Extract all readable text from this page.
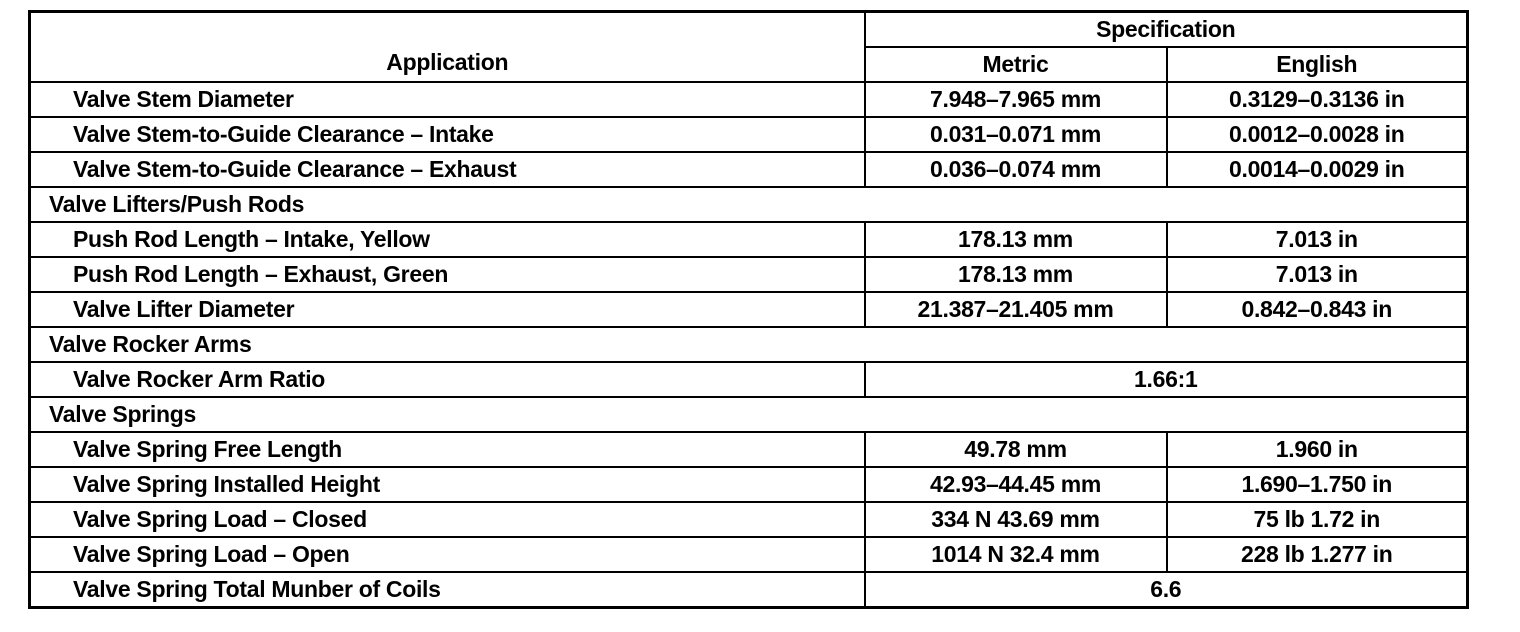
Application	Specification	
	Metric	English
Valve Stem Diameter	7.948–7.965 mm	0.3129–0.3136 in
Valve Stem-to-Guide Clearance – Intake	0.031–0.071 mm	0.0012–0.0028 in
Valve Stem-to-Guide Clearance – Exhaust	0.036–0.074 mm	0.0014–0.0029 in
Valve Lifters/Push Rods		
Push Rod Length – Intake, Yellow	178.13 mm	7.013 in
Push Rod Length – Exhaust, Green	178.13 mm	7.013 in
Valve Lifter Diameter	21.387–21.405 mm	0.842–0.843 in
Valve Rocker Arms		
Valve Rocker Arm Ratio	1.66:1	
Valve Springs		
Valve Spring Free Length	49.78 mm	1.960 in
Valve Spring Installed Height	42.93–44.45 mm	1.690–1.750 in
Valve Spring Load – Closed	334 N 43.69 mm	75 lb 1.72 in
Valve Spring Load – Open	1014 N 32.4 mm	228 lb 1.277 in
Valve Spring Total Munber of Coils	6.6	
